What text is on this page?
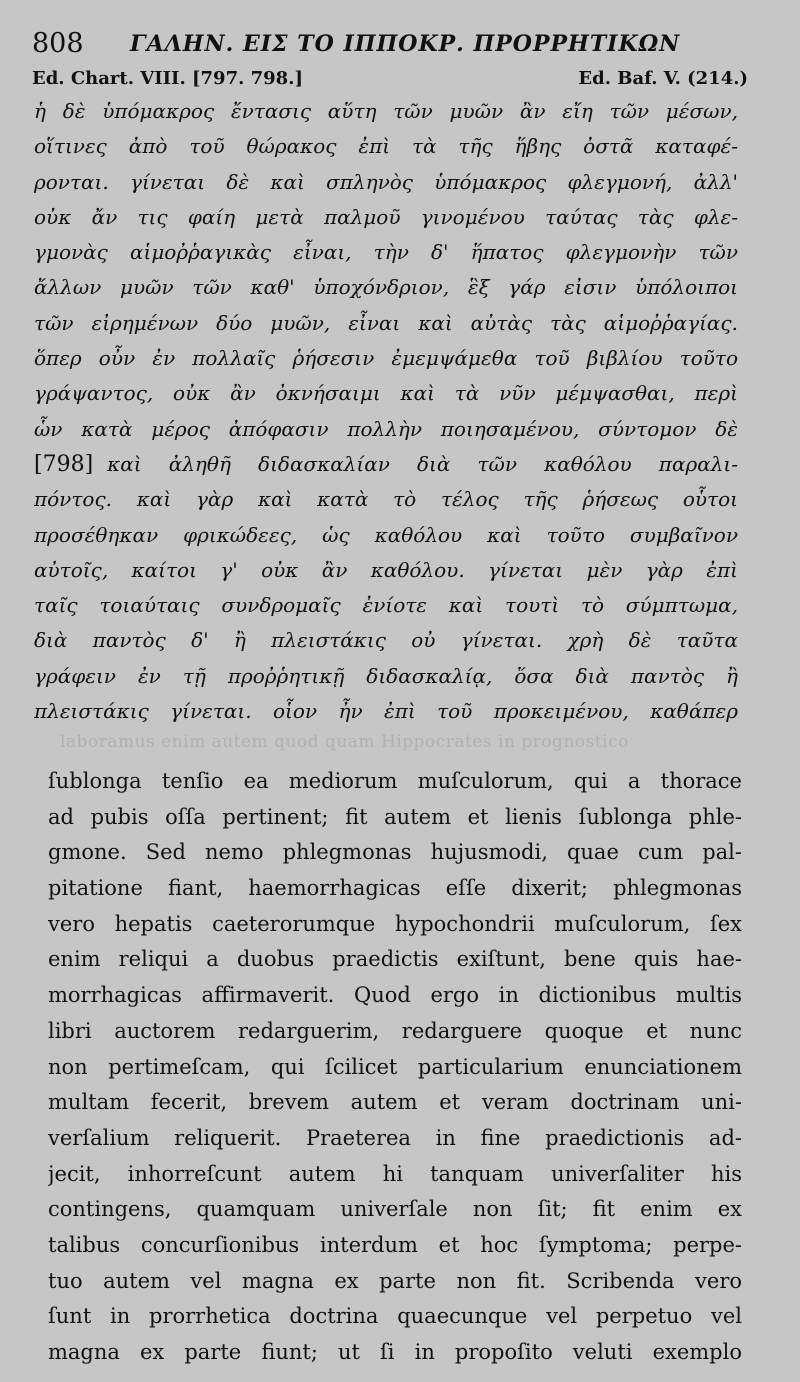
808 ΓΑΛΗΝ. ΕΙΣ ΤΟ ΙΠΠΟΚΡ. ΠΡΟΡΡΗΤΙΚΩΝ
Ed. Chart. VIII. [797. 798.]	Ed. Baf. V. (214.)
ἡ δὲ ὑπόμακρος ἔντασις αὕτη τῶν μυῶν ἂν εἴη τῶν μέσων,
οἵτινες ἀπὸ τοῦ θώρακος ἐπὶ τὰ τῆς ἥβης ὀστᾶ καταφέ-
ρονται. γίνεται δὲ καὶ σπληνὸς ὑπόμακρος φλεγμονή, ἀλλ'
οὐκ ἄν τις φαίη μετὰ παλμοῦ γινομένου ταύτας τὰς φλε-
γμονὰς αἱμοῤῥαγικὰς εἶναι, τὴν δ' ἥπατος φλεγμονὴν τῶν
ἄλλων μυῶν τῶν καθ' ὑποχόνδριον, ἓξ γάρ εἰσιν ὑπόλοιποι
τῶν εἰρημένων δύο μυῶν, εἶναι καὶ αὐτὰς τὰς αἱμοῤῥαγίας.
ὅπερ οὖν ἐν πολλαῖς ῥήσεσιν ἐμεμψάμεθα τοῦ βιβλίου τοῦτο
γράψαντος, οὐκ ἂν ὀκνήσαιμι καὶ τὰ νῦν μέμψασθαι, περὶ
ὧν κατὰ μέρος ἀπόφασιν πολλὴν ποιησαμένου, σύντομον δὲ
[798] καὶ ἀληθῆ διδασκαλίαν διὰ τῶν καθόλου παραλι-
πόντος. καὶ γὰρ καὶ κατὰ τὸ τέλος τῆς ῥήσεως οὗτοι
προσέθηκαν φρικώδεες, ὡς καθόλου καὶ τοῦτο συμβαῖνον
αὐτοῖς, καίτοι γ' οὐκ ἂν καθόλου. γίνεται μὲν γὰρ ἐπὶ
ταῖς τοιαύταις συνδρομαῖς ἐνίοτε καὶ τουτὶ τὸ σύμπτωμα,
διὰ παντὸς δ' ἢ πλειστάκις οὐ γίνεται. χρὴ δὲ ταῦτα
γράφειν ἐν τῇ προῤῥητικῇ διδασκαλίᾳ, ὅσα διὰ παντὸς ἢ
πλειστάκις γίνεται. οἷον ἦν ἐπὶ τοῦ προκειμένου, καθάπερ
laboramus enim autem quod quam Hippocrates in prognostico
ſublonga tenſio ea mediorum muſculorum, qui a thorace
ad pubis oſſa pertinent; fit autem et lienis ſublonga phle-
gmone. Sed nemo phlegmonas hujusmodi, quae cum pal-
pitatione fiant, haemorrhagicas eſſe dixerit; phlegmonas
vero hepatis caeterorumque hypochondrii muſculorum, ſex
enim reliqui a duobus praedictis exiſtunt, bene quis hae-
morrhagicas affirmaverit. Quod ergo in dictionibus multis
libri auctorem redarguerim, redarguere quoque et nunc
non pertimeſcam, qui ſcilicet particularium enunciationem
multam fecerit, brevem autem et veram doctrinam uni-
verſalium reliquerit. Praeterea in fine praedictionis ad-
jecit, inhorreſcunt autem hi tanquam univerſaliter his
contingens, quamquam univerſale non ſit; fit enim ex
talibus concurſionibus interdum et hoc ſymptoma; perpe-
tuo autem vel magna ex parte non fit. Scribenda vero
ſunt in prorrhetica doctrina quaecunque vel perpetuo vel
magna ex parte fiunt; ut ſi in propoſito veluti exemplo
